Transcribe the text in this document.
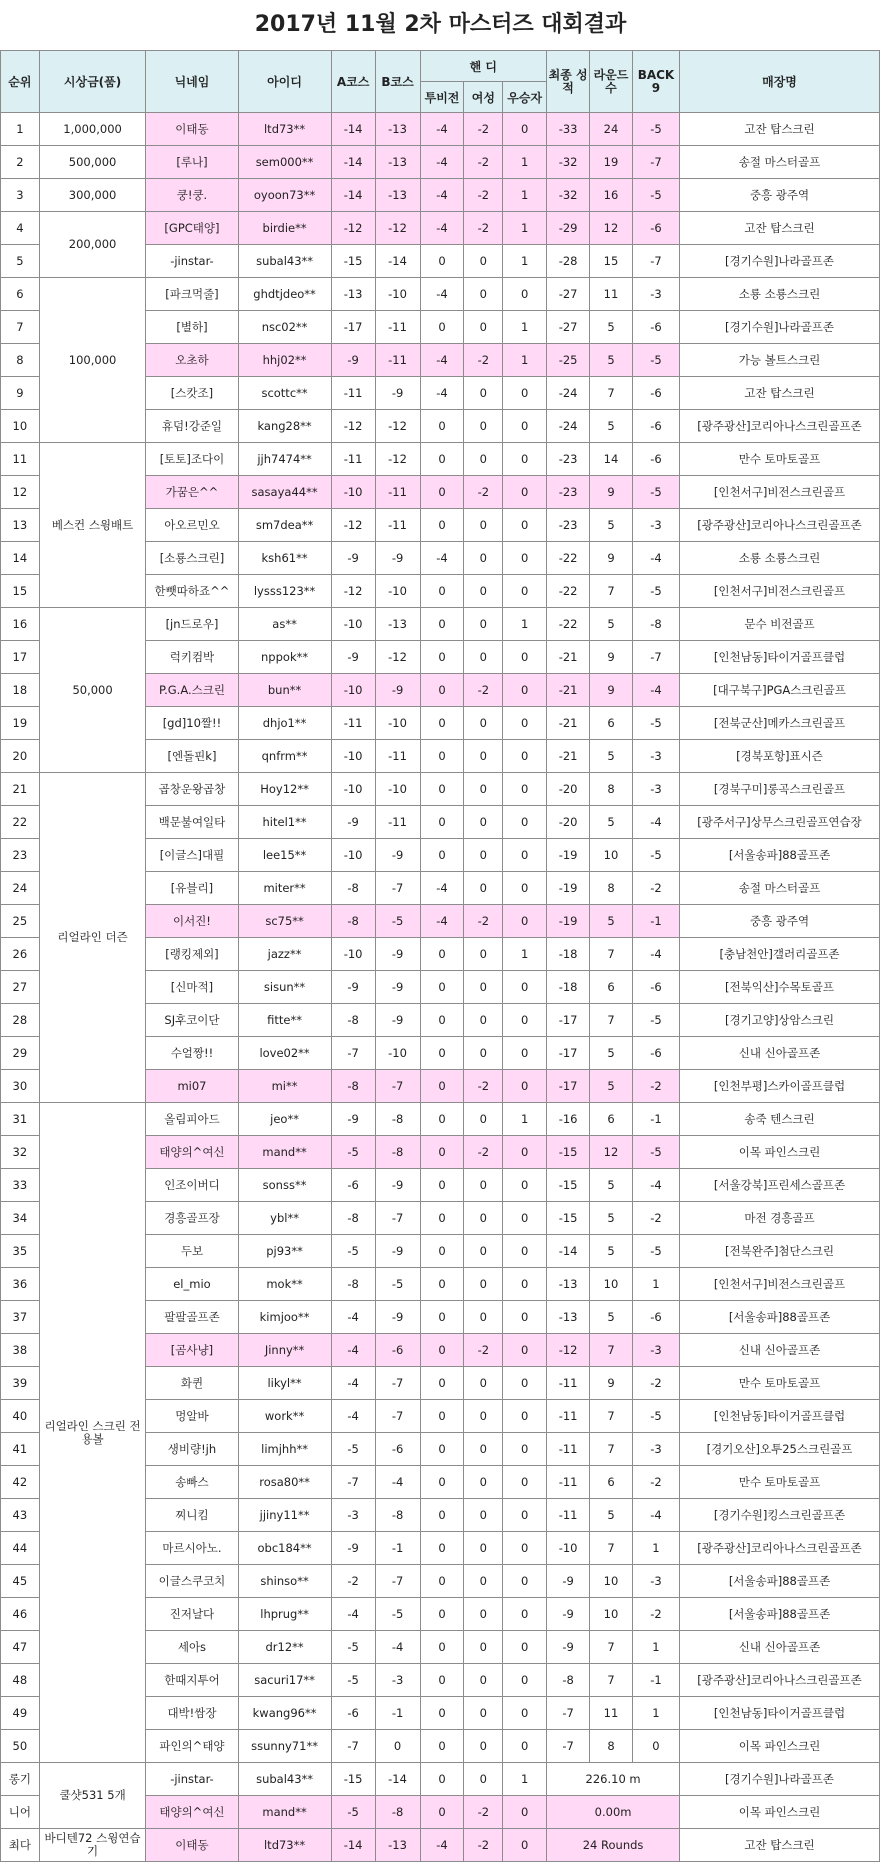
2017년 11월 2차 마스터즈 대회결과
순위	시상금(품)	닉네임	아이디	A코스	B코스	핸 디			최종 성적	라운드 수	BACK 9	매장명
						투비전	여성	우승자				
1	1,000,000	이태동	ltd73**	-14	-13	-4	-2	0	-33	24	-5	고잔 탑스크린
2	500,000	[루나]	sem000**	-14	-13	-4	-2	1	-32	19	-7	송절 마스터골프
3	300,000	쿵!쿵.	oyoon73**	-14	-13	-4	-2	1	-32	16	-5	중흥 광주역
4	200,000	[GPC태양]	birdie**	-12	-12	-4	-2	1	-29	12	-6	고잔 탑스크린
5		-jinstar-	subal43**	-15	-14	0	0	1	-28	15	-7	[경기수원]나라골프존
6	100,000	[파크먹줄]	ghdtjdeo**	-13	-10	-4	0	0	-27	11	-3	소룡 소룡스크린
7		[별하]	nsc02**	-17	-11	0	0	1	-27	5	-6	[경기수원]나라골프존
8		오초하	hhj02**	-9	-11	-4	-2	1	-25	5	-5	가능 볼트스크린
9		[스캇조]	scottc**	-11	-9	-4	0	0	-24	7	-6	고잔 탑스크린
10		휴덤!강준일	kang28**	-12	-12	0	0	0	-24	5	-6	[광주광산]코리아나스크린골프존
11	베스컨 스윙배트	[토토]조다이	jjh7474**	-11	-12	0	0	0	-23	14	-6	만수 토마토골프
12		가꿈은^^	sasaya44**	-10	-11	0	-2	0	-23	9	-5	[인천서구]비전스크린골프
13		아오르민오	sm7dea**	-12	-11	0	0	0	-23	5	-3	[광주광산]코리아나스크린골프존
14		[소룡스크린]	ksh61**	-9	-9	-4	0	0	-22	9	-4	소룡 소룡스크린
15		한뺏따하죠^^	lysss123**	-12	-10	0	0	0	-22	7	-5	[인천서구]비전스크린골프
16	50,000	[jn드로우]	as**	-10	-13	0	0	1	-22	5	-8	문수 비전골프
17		럭키컴박	nppok**	-9	-12	0	0	0	-21	9	-7	[인천남동]타이거골프클럽
18		P.G.A.스크린	bun**	-10	-9	0	-2	0	-21	9	-4	[대구북구]PGA스크린골프
19		[gd]10짤!!	dhjo1**	-11	-10	0	0	0	-21	6	-5	[전북군산]메카스크린골프
20		[엔돌핀k]	qnfrm**	-10	-11	0	0	0	-21	5	-3	[경북포항]표시즌
21	리얼라인 더즌	곱창운왕곱창	Hoy12**	-10	-10	0	0	0	-20	8	-3	[경북구미]롱곡스크린골프
22		백문불여일타	hitel1**	-9	-11	0	0	0	-20	5	-4	[광주서구]상무스크린골프연습장
23		[이글스]대필	lee15**	-10	-9	0	0	0	-19	10	-5	[서울송파]88골프존
24		[유블리]	miter**	-8	-7	-4	0	0	-19	8	-2	송절 마스터골프
25		이서진!	sc75**	-8	-5	-4	-2	0	-19	5	-1	중흥 광주역
26		[랭킹제외]	jazz**	-10	-9	0	0	1	-18	7	-4	[충남천안]갤러리골프존
27		[신마적]	sisun**	-9	-9	0	0	0	-18	6	-6	[전북익산]수목토골프
28		SJ후코이단	fitte**	-8	-9	0	0	0	-17	7	-5	[경기고양]상암스크린
29		수얼짱!!	love02**	-7	-10	0	0	0	-17	5	-6	신내 신아골프존
30		mi07	mi**	-8	-7	0	-2	0	-17	5	-2	[인천부평]스카이골프클럽
31	리얼라인 스크린 전용볼	올림피아드	jeo**	-9	-8	0	0	1	-16	6	-1	송죽 텐스크린
32		태양의^여신	mand**	-5	-8	0	-2	0	-15	12	-5	이목 파인스크린
33		인조이버디	sonss**	-6	-9	0	0	0	-15	5	-4	[서울강북]프린세스골프존
34		경흥골프장	ybl**	-8	-7	0	0	0	-15	5	-2	마전 경흥골프
35		두보	pj93**	-5	-9	0	0	0	-14	5	-5	[전북완주]첨단스크린
36		el_mio	mok**	-8	-5	0	0	0	-13	10	1	[인천서구]비전스크린골프
37		팔팔골프존	kimjoo**	-4	-9	0	0	0	-13	5	-6	[서울송파]88골프존
38		[곰사냥]	Jinny**	-4	-6	0	-2	0	-12	7	-3	신내 신아골프존
39		화퀸	likyl**	-4	-7	0	0	0	-11	9	-2	만수 토마토골프
40		멍알바	work**	-4	-7	0	0	0	-11	7	-5	[인천남동]타이거골프클럽
41		생비량!jh	limjhh**	-5	-6	0	0	0	-11	7	-3	[경기오산]오투25스크린골프
42		송빠스	rosa80**	-7	-4	0	0	0	-11	6	-2	만수 토마토골프
43		찌니킴	jjiny11**	-3	-8	0	0	0	-11	5	-4	[경기수원]킹스크린골프존
44		마르시아노.	obc184**	-9	-1	0	0	0	-10	7	1	[광주광산]코리아나스크린골프존
45		이글스쿠코치	shinso**	-2	-7	0	0	0	-9	10	-3	[서울송파]88골프존
46		진저날다	lhprug**	-4	-5	0	0	0	-9	10	-2	[서울송파]88골프존
47		세아s	dr12**	-5	-4	0	0	0	-9	7	1	신내 신아골프존
48		한때지투어	sacuri17**	-5	-3	0	0	0	-8	7	-1	[광주광산]코리아나스크린골프존
49		대박!쌈장	kwang96**	-6	-1	0	0	0	-7	11	1	[인천남동]타이거골프클럽
50		파인의^태양	ssunny71**	-7	0	0	0	0	-7	8	0	이목 파인스크린
롱기	쿨샷531 5개	-jinstar-	subal43**	-15	-14	0	0	1	226.10 m			[경기수원]나라골프존
니어		태양의^여신	mand**	-5	-8	0	-2	0	0.00m			이목 파인스크린
최다	바디텐72 스윙연습기	이태동	ltd73**	-14	-13	-4	-2	0	24 Rounds			고잔 탑스크린
